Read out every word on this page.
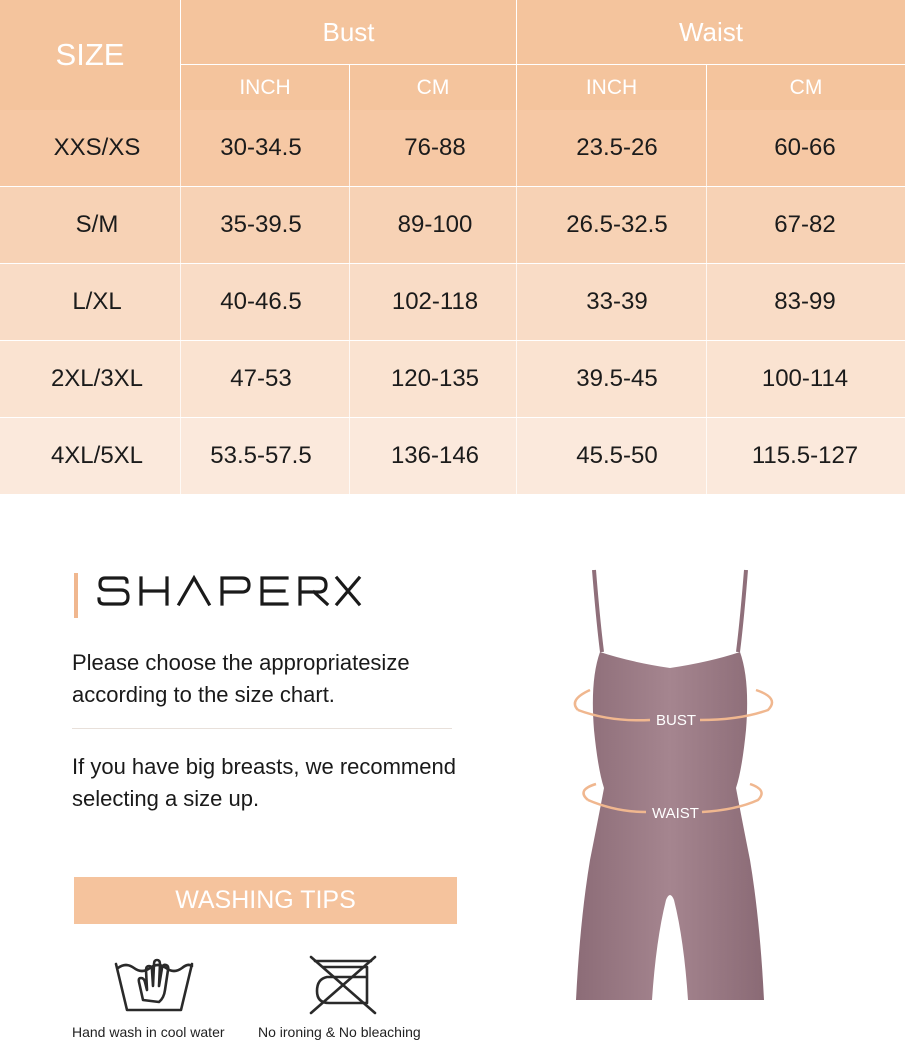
SIZE
Bust	Waist
INCH	CM	INCH	CM
XXS/XS	30-34.5	76-88	23.5-26	60-66
S/M	35-39.5	89-100	26.5-32.5	67-82
L/XL	40-46.5	102-118	33-39	83-99
2XL/3XL	47-53	120-135	39.5-45	100-114
4XL/5XL	53.5-57.5	136-146	45.5-50	115.5-127
Please choose the appropriatesize according to the size chart.
If you have big breasts, we recommend selecting a size up.
WASHING TIPS
Hand wash in cool water No ironing & No bleaching
BUST
WAIST
